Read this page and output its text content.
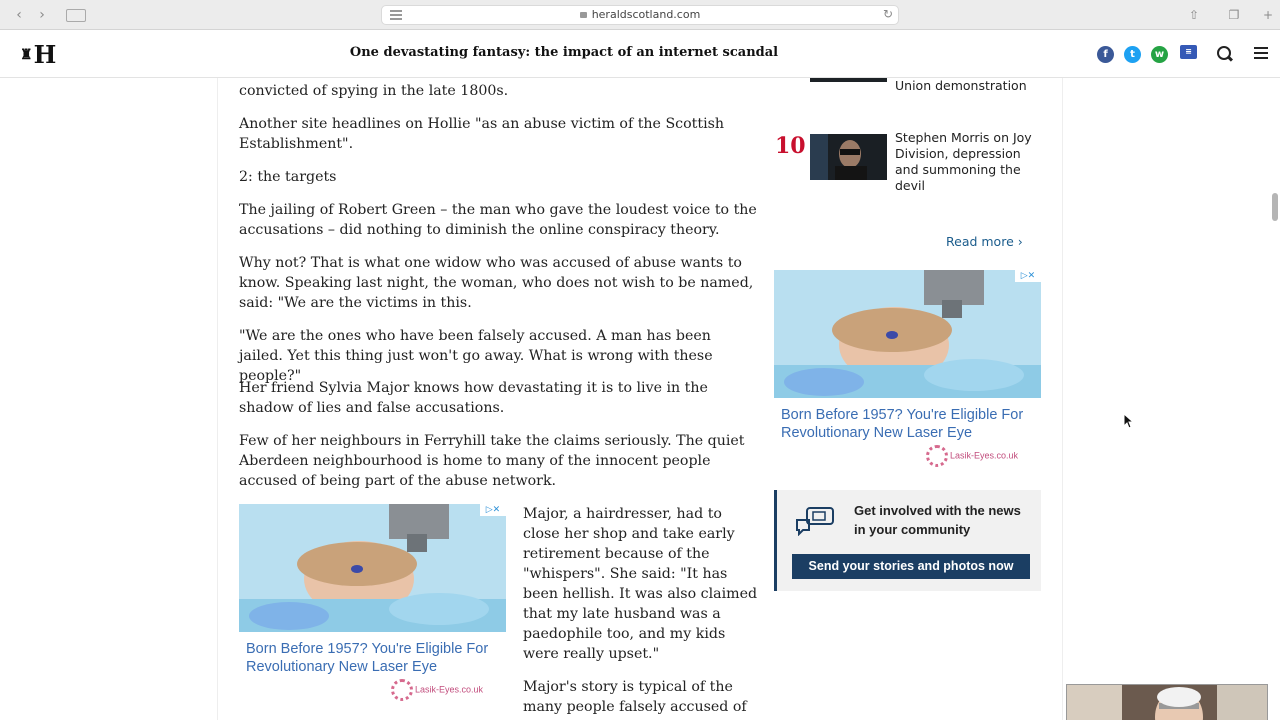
‹	›	heraldscotland.com	↻	⇧	❐	+
♜H	One devastating fantasy: the impact of an internet scandal	f	t	w	≡

convicted of spying in the late 1800s.

Another site headlines on Hollie "as an abuse victim of the Scottish Establishment".

2: the targets

The jailing of Robert Green – the man who gave the loudest voice to the accusations – did nothing to diminish the online conspiracy theory.

Why not? That is what one widow who was accused of abuse wants to know. Speaking last night, the woman, who does not wish to be named, said: "We are the victims in this.

"We are the ones who have been falsely accused. A man has been jailed. Yet this thing just won't go away. What is wrong with these people?"

Her friend Sylvia Major knows how devastating it is to live in the shadow of lies and false accusations.

Few of her neighbours in Ferryhill take the claims seriously. The quiet Aberdeen neighbourhood is home to many of the innocent people accused of being part of the abuse network.

Major, a hairdresser, had to close her shop and take early retirement because of the "whispers". She said: "It has been hellish. It was also claimed that my late husband was a paedophile too, and my kids were really upset."

Major's story is typical of the many people falsely accused of

▷✕
Born Before 1957? You're Eligible For Revolutionary New Laser Eye
Lasik-Eyes.co.uk
Union demonstration
10	Stephen Morris on Joy Division, depression and summoning the devil
Read more ›
▷✕
Born Before 1957? You're Eligible For Revolutionary New Laser Eye
Lasik-Eyes.co.uk
Get involved with the news in your community
Send your stories and photos now
